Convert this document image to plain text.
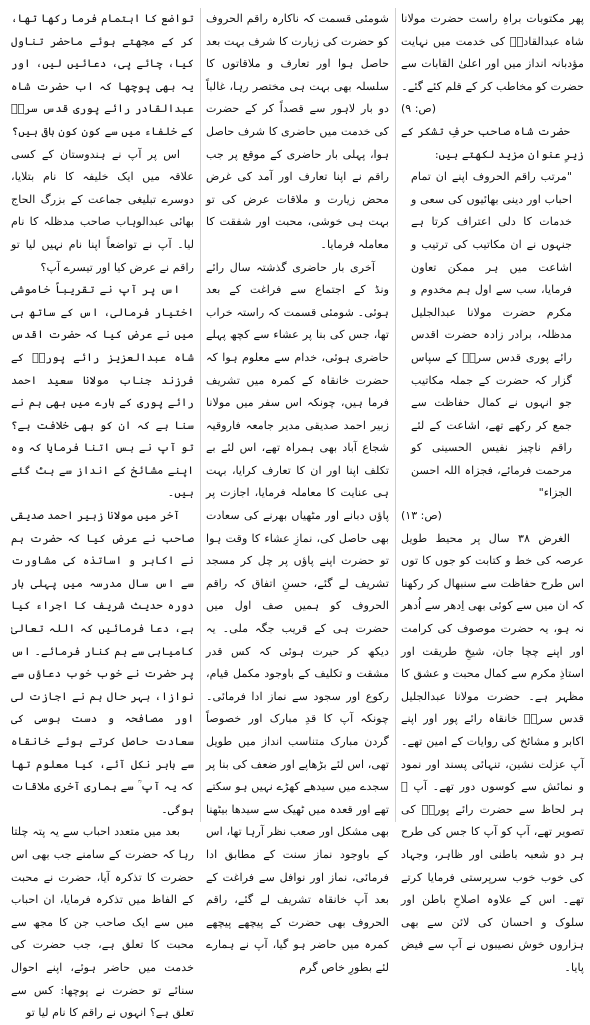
پھر مکتوبات براہِ راست حضرت مولانا شاہ عبدالقادرؒ کی خدمت میں نہایت مؤدبانہ انداز میں اور اعلیٰ القابات سے حضرت کو مخاطب کر کے قلم کئے گئے۔

(ص: ۹)

حضرت شاہ صاحب حرفِ تشکر کے زیرِ عنوان مزید لکھتے ہیں:

"مرتب راقم الحروف اپنے ان تمام احباب اور دینی بھائیوں کی سعی و خدمات کا دلی اعتراف کرتا ہے جنہوں نے ان مکاتیب کی ترتیب و اشاعت میں ہر ممکن تعاون فرمایا، سب سے اول ہم مخدوم و مکرم حضرت مولانا عبدالجلیل مدظلہ، برادر زادہ حضرت اقدس رائے پوری قدس سرہٗ کے سپاس گزار کہ حضرت کے جملہ مکاتیب جو انہوں نے کمال حفاظت سے جمع کر رکھے تھے، اشاعت کے لئے راقم ناچیز نفیس الحسینی کو مرحمت فرمائے، فجزاہ اللہ احسن الجزاء"

(ص: ۱۳)

الغرض ۳۸ سال پر محیط طویل عرصہ کی خط و کتابت کو جوں کا توں اس طرح حفاظت سے سنبھال کر رکھنا کہ ان میں سے کوئی بھی اِدھر سے اُدھر نہ ہو، یہ حضرت موصوف کی کرامت اور اپنے چچا جان، شیخِ طریقت اور استاذِ مکرم سے کمال محبت و عشق کا مظہر ہے۔ حضرت مولانا عبدالجلیل قدس سرہٗ خانقاہ رائے پور اور اپنے اکابر و مشائخ کی روایات کے امین تھے۔ آپ عزلت نشین، تنہائی پسند اور نمود و نمائش سے کوسوں دور تھے۔ آپ ؒ ہر لحاظ سے حضرت رائے پوریؒ کی تصویر تھے، آپ کو آپ کا جس کی طرح ہر دو شعبہ باطنی اور ظاہر، وجہاد کی خوب خوب سرپرستی فرمایا کرتے تھے۔ اس کے علاوہ اصلاحِ باطن اور سلوک و احسان کی لائن سے بھی ہزاروں خوش نصیبوں نے آپ سے فیض پایا۔

شومئی قسمت کہ ناکارہ راقم الحروف کو حضرت کی زیارت کا شرف بہت بعد حاصل ہوا اور تعارف و ملاقاتوں کا سلسلہ بھی بہت ہی مختصر رہا، غالباً دو بار لاہور سے قصداً کر کے حضرت کی خدمت میں حاضری کا شرف حاصل ہوا، پہلی بار حاضری کے موقع پر جب راقم نے اپنا تعارف اور آمد کی غرض محض زیارت و ملاقات عرض کی تو بہت ہی خوشی، محبت اور شفقت کا معاملہ فرمایا۔

آخری بار حاضری گذشتہ سال رائے ونڈ کے اجتماع سے فراغت کے بعد ہوئی۔ شومئی قسمت کہ راستہ خراب تھا، جس کی بنا پر عشاء سے کچھ پہلے حاضری ہوئی، خدام سے معلوم ہوا کہ حضرت خانقاہ کے کمرہ میں تشریف فرما ہیں، چونکہ اس سفر میں مولانا زبیر احمد صدیقی مدیر جامعہ فاروقیہ شجاع آباد بھی ہمراہ تھے، اس لئے بے تکلف اپنا اور ان کا تعارف کرایا، بہت ہی عنایت کا معاملہ فرمایا، اجازت پر پاؤں دبانے اور مٹھیاں بھرنے کی سعادت بھی حاصل کی، نمازِ عشاء کا وقت ہوا تو حضرت اپنے پاؤں پر چل کر مسجد تشریف لے گئے، حسنِ اتفاق کہ راقم الحروف کو ہمیں صف اول میں حضرت ہی کے قریب جگہ ملی۔ یہ دیکھ کر حیرت ہوئی کہ کس قدر مشقت و تکلیف کے باوجود مکمل قیام، رکوع اور سجود سے نماز ادا فرمائی۔ چونکہ آپ کا قدِ مبارک اور خصوصاً گردن مبارک متناسب انداز میں طویل تھی، اس لئے بڑھاپے اور ضعف کی بنا پر سجدے میں سیدھے کھڑے نہیں ہو سکتے تھے اور قعدہ میں ٹھیک سے سیدھا بیٹھنا بھی مشکل اور صعب نظر آرہا تھا، اس کے باوجود نماز سنت کے مطابق ادا فرمائی، نماز اور نوافل سے فراغت کے بعد آپ خانقاہ تشریف لے گئے، راقم الحروف بھی حضرت کے پیچھے پیچھے کمرہ میں حاضر ہو گیا، آپ نے ہمارے لئے بطورِ خاص گرم

تواضع کا اہتمام فرما رکھا تھا، کر کے مجھتے ہوئے ماحضر تناول کیا، چائے پی، دعائیں لیں، اور یہ بھی پوچھا کہ اب حضرت شاہ عبدالقادر رائے پوری قدس سرہٗ کے خلفاء میں سے کون کون باقی ہیں؟

اس پر آپ نے ہندوستان کے کسی علاقہ میں ایک خلیفہ کا نام بتلایا، دوسرے تبلیغی جماعت کے بزرگ الحاج بھائی عبدالوہاب صاحب مدظلہ کا نام لیا۔ آپ نے تواضعاً اپنا نام نہیں لیا تو راقم نے عرض کیا اور تیسرے آپ؟

اس پر آپ نے تقریباً خاموشی اختیار فرمالی، اس کے ساتھ ہی میں نے عرض کیا کہ حضرت اقدس شاہ عبدالعزیز رائے پوریؒ کے فرزند جناب مولانا سعید احمد رائے پوری کے بارے میں بھی ہم نے سنا ہے کہ ان کو بھی خلافت ہے؟ تو آپ نے بس اتنا فرمایا کہ وہ اپنے مشائخ کے انداز سے ہٹ گئے ہیں۔

آخر میں مولانا زبیر احمد صدیقی صاحب نے عرض کیا کہ حضرت ہم نے اکابر و اساتذہ کی مشاورت سے اس سال مدرسہ میں پہلی بار دورہ حدیث شریف کا اجراء کیا ہے، دعا فرمائیں کہ اللہ تعالیٰ کامیابی سے ہم کنار فرمائے۔ اس پر حضرت نے خوب خوب دعاؤں سے نوازا، بہر حال ہم نے اجازت لی اور مصافحہ و دست بوسی کی سعادت حاصل کرتے ہوئے خانقاہ سے باہر نکل آئے، کیا معلوم تھا کہ یہ آپ ؒ سے ہماری آخری ملاقات ہوگی۔

بعد میں متعدد احباب سے یہ پتہ چلتا رہا کہ حضرت کے سامنے جب بھی اس حضرت کا تذکرہ آیا، حضرت نے محبت کے الفاظ میں تذکرہ فرمایا، ان احباب میں سے ایک صاحب جن کا مجھ سے محبت کا تعلق ہے، جب حضرت کی خدمت میں حاضر ہوئے، اپنے احوال سنائے تو حضرت نے پوچھا: کس سے تعلق ہے؟ انہوں نے راقم کا نام لیا تو
